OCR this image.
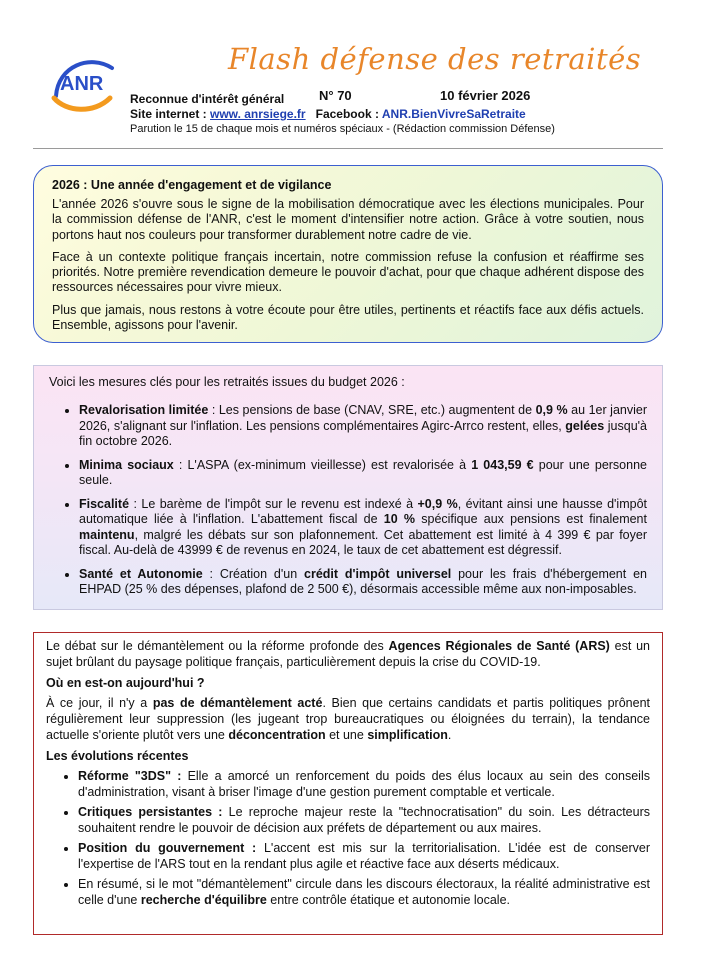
ANR
Flash défense des retraités
Reconnue d'intérêt général	N° 70	10 février 2026
Site internet : www. anrsiege.fr Facebook : ANR.BienVivreSaRetraite
Parution le 15 de chaque mois et numéros spéciaux - (Rédaction commission Défense)
2026 : Une année d'engagement et de vigilance

L'année 2026 s'ouvre sous le signe de la mobilisation démocratique avec les élections municipales. Pour la commission défense de l'ANR, c'est le moment d'intensifier notre action. Grâce à votre soutien, nous portons haut nos couleurs pour transformer durablement notre cadre de vie.

Face à un contexte politique français incertain, notre commission refuse la confusion et réaffirme ses priorités. Notre première revendication demeure le pouvoir d'achat, pour que chaque adhérent dispose des ressources nécessaires pour vivre mieux.

Plus que jamais, nous restons à votre écoute pour être utiles, pertinents et réactifs face aux défis actuels. Ensemble, agissons pour l'avenir.

Voici les mesures clés pour les retraités issues du budget 2026 :
• Revalorisation limitée : Les pensions de base (CNAV, SRE, etc.) augmentent de 0,9 % au 1er janvier 2026, s'alignant sur l'inflation. Les pensions complémentaires Agirc-Arrco restent, elles, gelées jusqu'à fin octobre 2026.
• Minima sociaux : L'ASPA (ex-minimum vieillesse) est revalorisée à 1 043,59 € pour une personne seule.
• Fiscalité : Le barème de l'impôt sur le revenu est indexé à +0,9 %, évitant ainsi une hausse d'impôt automatique liée à l'inflation. L'abattement fiscal de 10 % spécifique aux pensions est finalement maintenu, malgré les débats sur son plafonnement. Cet abattement est limité à 4 399 € par foyer fiscal. Au-delà de 43999 € de revenus en 2024, le taux de cet abattement est dégressif.
• Santé et Autonomie : Création d'un crédit d'impôt universel pour les frais d'hébergement en EHPAD (25 % des dépenses, plafond de 2 500 €), désormais accessible même aux non-imposables.

Le débat sur le démantèlement ou la réforme profonde des Agences Régionales de Santé (ARS) est un sujet brûlant du paysage politique français, particulièrement depuis la crise du COVID-19.

Où en est-on aujourd'hui ?

À ce jour, il n'y a pas de démantèlement acté. Bien que certains candidats et partis politiques prônent régulièrement leur suppression (les jugeant trop bureaucratiques ou éloignées du terrain), la tendance actuelle s'oriente plutôt vers une déconcentration et une simplification.

Les évolutions récentes

• Réforme "3DS" : Elle a amorcé un renforcement du poids des élus locaux au sein des conseils d'administration, visant à briser l'image d'une gestion purement comptable et verticale.
• Critiques persistantes : Le reproche majeur reste la "technocratisation" du soin. Les détracteurs souhaitent rendre le pouvoir de décision aux préfets de département ou aux maires.
• Position du gouvernement : L'accent est mis sur la territorialisation. L'idée est de conserver l'expertise de l'ARS tout en la rendant plus agile et réactive face aux déserts médicaux.
• En résumé, si le mot "démantèlement" circule dans les discours électoraux, la réalité administrative est celle d'une recherche d'équilibre entre contrôle étatique et autonomie locale.
